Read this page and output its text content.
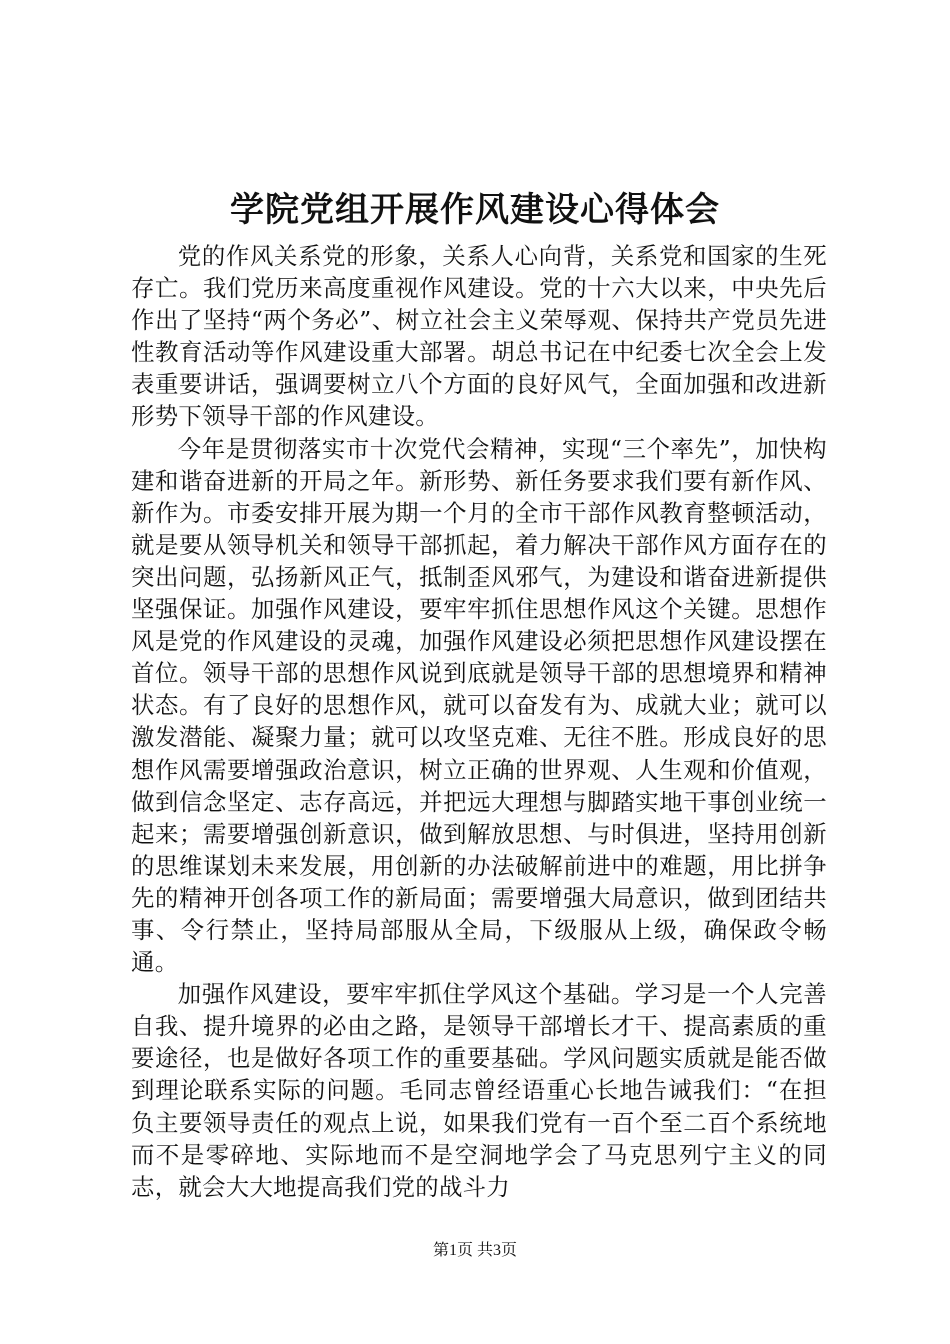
学院党组开展作风建设心得体会

党的作风关系党的形象，关系人心向背，关系党和国家的生死存亡。我们党历来高度重视作风建设。党的十六大以来，中央先后作出了坚持“两个务必”、树立社会主义荣辱观、保持共产党员先进性教育活动等作风建设重大部署。胡总书记在中纪委七次全会上发表重要讲话，强调要树立八个方面的良好风气，全面加强和改进新形势下领导干部的作风建设。

今年是贯彻落实市十次党代会精神，实现“三个率先”，加快构建和谐奋进新的开局之年。新形势、新任务要求我们要有新作风、新作为。市委安排开展为期一个月的全市干部作风教育整顿活动，就是要从领导机关和领导干部抓起，着力解决干部作风方面存在的突出问题，弘扬新风正气，抵制歪风邪气，为建设和谐奋进新提供坚强保证。加强作风建设，要牢牢抓住思想作风这个关键。思想作风是党的作风建设的灵魂，加强作风建设必须把思想作风建设摆在首位。领导干部的思想作风说到底就是领导干部的思想境界和精神状态。有了良好的思想作风，就可以奋发有为、成就大业；就可以激发潜能、凝聚力量；就可以攻坚克难、无往不胜。形成良好的思想作风需要增强政治意识，树立正确的世界观、人生观和价值观，做到信念坚定、志存高远，并把远大理想与脚踏实地干事创业统一起来；需要增强创新意识，做到解放思想、与时俱进，坚持用创新的思维谋划未来发展，用创新的办法破解前进中的难题，用比拼争先的精神开创各项工作的新局面；需要增强大局意识，做到团结共事、令行禁止，坚持局部服从全局，下级服从上级，确保政令畅通。

加强作风建设，要牢牢抓住学风这个基础。学习是一个人完善自我、提升境界的必由之路，是领导干部增长才干、提高素质的重要途径，也是做好各项工作的重要基础。学风问题实质就是能否做到理论联系实际的问题。毛同志曾经语重心长地告诫我们：“在担负主要领导责任的观点上说，如果我们党有一百个至二百个系统地而不是零碎地、实际地而不是空洞地学会了马克思列宁主义的同志，就会大大地提高我们党的战斗力

第1页 共3页
